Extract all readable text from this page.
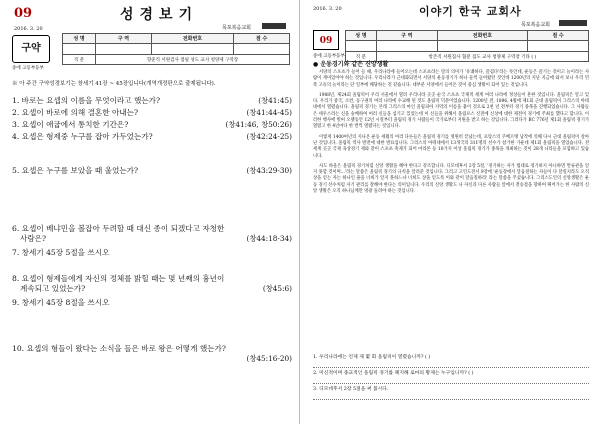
09	성경보기
2016. 3. 20	목포복음교회
구약
중에 고등부등부
성 명	구 역	전화번호	점 수

직 분	향준직 서원검사 점필 성도 교사 청양제 구역장		
※ 아 주간 구약성경보기는 창세기 41장 ~ 45장입니다(개역개정판으로 출제됩니다).
1. 바로는 요셉의 이름을 무엇이라고 했는가?	(창41:45)
2. 요셉이 바로에 의해 결혼한 아내는?	(창41:44-45)
3. 요셉이 애굽에서 통치한 기간은?	(창41:46, 창50:26)
4. 요셉은 형제중 누구를 잡아 가두었는가?	(창42:24-25)
5. 요셉은 누구를 보았을 때 울었는가?	(창43:29-30)
6. 요셉이 베냐민을 볼잡아 두려할 때 대신 종이 되겠다고 자청한
사람은?	(창44:18-34)
7. 창세기 45장 5절을 쓰시오
8. 요셉이 형제들에게 자신의 정체를 밝힐 때는 몇 년째의 흉년이
계속되고 있었는가?	(창45:6)
9. 창세기 45장 8절을 쓰시오
10. 요셉의 형들이 왔다는 소식을 들은 바로 왕은 어떻게 했는가?
(창45:16-20)
2016. 3. 20	이야기 한국 교회사
목포복음교회
09
중에 고등부등부
성 명	구 역	전화번호	점 수

직 분	항존직 서원집사 협분 집도 교사 청양제 구역장 기타 ( )		
● 운동경기와 같은 신앙생활

서양의 스포츠가 들어 들 때, 우리나라에 들어오는데 스포츠라는 말의 의미가 '유쾌하다, 즐겁다'라는 뜻인데, 운동은 즐기는 것이고 놀이라는 사람이 재미있어야 하는 것입니다. 우리나라가 근대화되면서 서양의 운동경기가 하나 둘씩 들어왔던 것인데 1200년의 지난 지금에 와서 보니 우리 민족 고유의 놀이라는 단 일부에 해당하는 것 같습니다. 대부분 서양에서 들어온 것이 중심 생활이 되어 있는 것입니다.

1988년, 제24회 올림픽이 우리 서울에서 열려 우리나라 곳곳 순국 스포츠 국제적 세계 여러 나라에 정상들이 흔한 것입니다. 올림픽은 알고 있다. 우리가 중국, 소련, 동구권의 여러 나라에 수교해 된 것도 올림픽 덕분이었습니다. 1200년 전, 1896, 4월에 제1회 근대 올림픽이 그리스의 아테네에서 열렸습니다. 올림픽 경기는 본래 그리스의 마인 올림피아 지역의 이름을 붙이 것으로 2천 년 전부터 경기 종목을 진행되었습니다. 그 사람들은 세우스라는 신을 숭배하여 여러 신들을 섬기고 있었는데 이 신들을 위해서 올림포스 신전에 신상에 대한 제전이 경기에 주최를 했다고 합니다. 이러한 행사에 벌써 오랫동안 12년 시절부터 올림픽 경기 사람들이 국가로부터 지원을 받고 하는 것입니다. 그러다가 BC 776년 제1회 올림픽 경기가 열렸고 한 4년마다 한 번씩 열렸다는 것입니다.

이렇게 1400여년의 지나온 운동 세월의 여러 다른들은 올림픽 경기를 영원히 끝났는데, 프랑스의 쿠베르탱 남작에 의해 다시 근대 올림픽이 살아난 것입니다. 올림픽 역사 발전에 대한 발표입니다. 그리스의 아테네에서 13개국의 311명의 선수가 참가한 가운데 제1회 올림픽을 열었습니다. 전 세계 곳곳 국제 육상경기 제와 같이 스포츠 축제가 되어 마라톤 등 10가지 이상 올림픽 경기가 종목을 개최하는 것이 28개 나라들을 포함하고 있습니다.

사도 바울은 올림픽 경기처럼 신앙 생활을 해야 한다고 강조합니다. 디모데후서 2장 5절, '경기하는 자가 법대로 경기하지 아니하면 면류관을 얻지 못할 것이며...'라는 말씀은 올림픽 경기의 규칙을 알려준 것입니다. 그리고 고린도전서 9장에 '운동장에서 달음질하는 자들이 다 달릴지라도 오직 상을 얻는 자는 하나인 줄을 너희가 알지 못하느냐 너희도 상을 얻도록 이와 같이 달음질하라' 라는 말씀을 주셨습니다. 그리스도인의 신앙생활은 운동 경기 선수처럼 자기 관리를 잘해야 한다는 의미입니다. 우리의 신앙 생활도 나 자신과 다른 사람들 앞에서 결승점을 향하여 뛰어가는 한 사람의 신앙 생활은 오직 하나님께만 영광 돌려야 하는 것입니다.

1. 우리나라에는 언제 제 몇 회 올림픽이 열렸습니까? ( )
2. 미신적이며 종교적인 올림픽 경기를 폐지해 로마의 황제는 누구입니까? ( )
3. 디모데후서 2장 5절을 써 봅시다.
